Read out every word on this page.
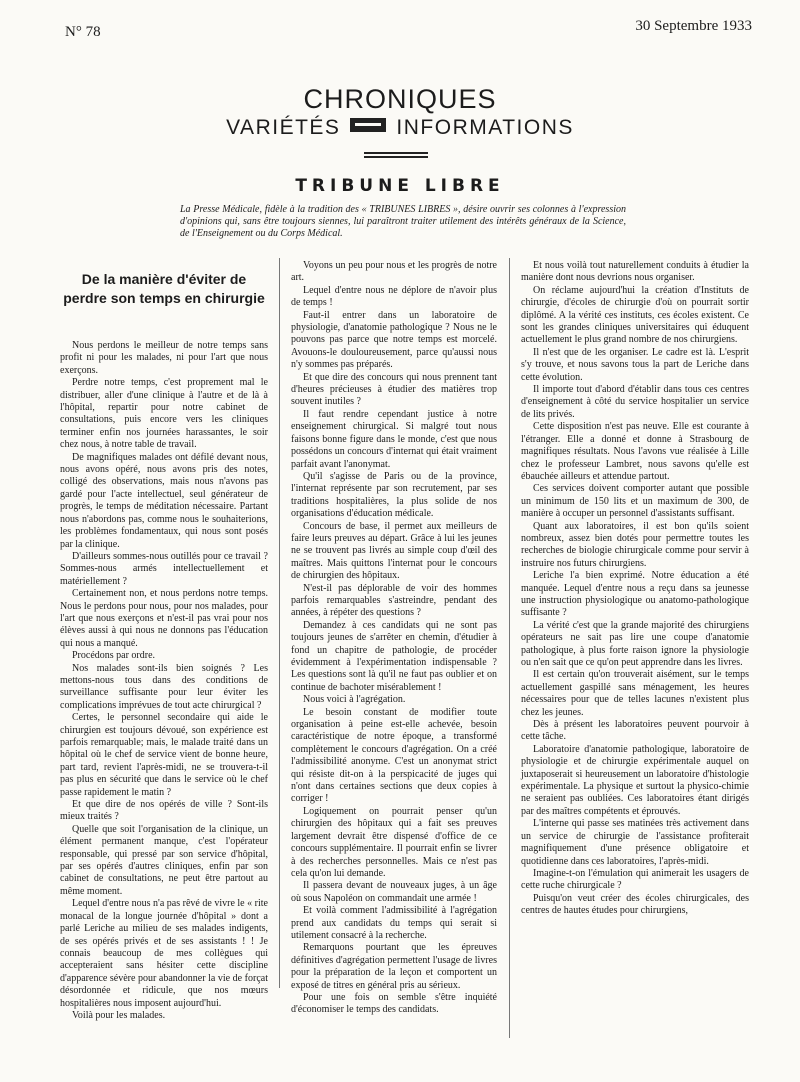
N° 78	30 Septembre 1933
CHRONIQUES
VARIÉTÉS	INFORMATIONS
TRIBUNE LIBRE
La Presse Médicale, fidèle à la tradition des « TRIBUNES LIBRES », désire ouvrir ses colonnes à l'expression d'opinions qui, sans être toujours siennes, lui paraîtront traiter utilement des intérêts généraux de la Science, de l'Enseignement ou du Corps Médical.
De la manière d'éviter de perdre son temps en chirurgie

Nous perdons le meilleur de notre temps sans profit ni pour les malades, ni pour l'art que nous exerçons.

Perdre notre temps, c'est proprement mal le distribuer, aller d'une clinique à l'autre et de là à l'hôpital, repartir pour notre cabinet de consultations, puis encore vers les cliniques terminer enfin nos journées harassantes, le soir chez nous, à notre table de travail.

De magnifiques malades ont défilé devant nous, nous avons opéré, nous avons pris des notes, colligé des observations, mais nous n'avons pas gardé pour l'acte intellectuel, seul générateur de progrès, le temps de méditation nécessaire. Partant nous n'abordons pas, comme nous le souhaiterions, les problèmes fondamentaux, qui nous sont posés par la clinique.

D'ailleurs sommes-nous outillés pour ce travail ? Sommes-nous armés intellectuellement et matériellement ?

Certainement non, et nous perdons notre temps. Nous le perdons pour nous, pour nos malades, pour l'art que nous exerçons et n'est-il pas vrai pour nos élèves aussi à qui nous ne donnons pas l'éducation qui nous a manqué.

Procédons par ordre.

Nos malades sont-ils bien soignés ? Les mettons-nous tous dans des conditions de surveillance suffisante pour leur éviter les complications imprévues de tout acte chirurgical ?

Certes, le personnel secondaire qui aide le chirurgien est toujours dévoué, son expérience est parfois remarquable; mais, le malade traité dans un hôpital où le chef de service vient de bonne heure, part tard, revient l'après-midi, ne se trouvera-t-il pas plus en sécurité que dans le service où le chef passe rapidement le matin ?

Et que dire de nos opérés de ville ? Sont-ils mieux traités ?

Quelle que soit l'organisation de la clinique, un élément permanent manque, c'est l'opérateur responsable, qui pressé par son service d'hôpital, par ses opérés d'autres cliniques, enfin par son cabinet de consultations, ne peut être partout au même moment.

Lequel d'entre nous n'a pas rêvé de vivre le « rite monacal de la longue journée d'hôpital » dont a parlé Leriche au milieu de ses malades indigents, de ses opérés privés et de ses assistants ! ! Je connais beaucoup de mes collègues qui accepteraient sans hésiter cette discipline d'apparence sévère pour abandonner la vie de forçat désordonnée et ridicule, que nos mœurs hospitalières nous imposent aujourd'hui.

Voilà pour les malades.

Voyons un peu pour nous et les progrès de notre art.

Lequel d'entre nous ne déplore de n'avoir plus de temps !

Faut-il entrer dans un laboratoire de physiologie, d'anatomie pathologique ? Nous ne le pouvons pas parce que notre temps est morcelé. Avouons-le douloureusement, parce qu'aussi nous n'y sommes pas préparés.

Et que dire des concours qui nous prennent tant d'heures précieuses à étudier des matières trop souvent inutiles ?

Il faut rendre cependant justice à notre enseignement chirurgical. Si malgré tout nous faisons bonne figure dans le monde, c'est que nous possédons un concours d'internat qui était vraiment parfait avant l'anonymat.

Qu'il s'agisse de Paris ou de la province, l'internat représente par son recrutement, par ses traditions hospitalières, la plus solide de nos organisations d'éducation médicale.

Concours de base, il permet aux meilleurs de faire leurs preuves au départ. Grâce à lui les jeunes ne se trouvent pas livrés au simple coup d'œil des maîtres. Mais quittons l'internat pour le concours de chirurgien des hôpitaux.

N'est-il pas déplorable de voir des hommes parfois remarquables s'astreindre, pendant des années, à répéter des questions ?

Demandez à ces candidats qui ne sont pas toujours jeunes de s'arrêter en chemin, d'étudier à fond un chapitre de pathologie, de procéder évidemment à l'expérimentation indispensable ? Les questions sont là qu'il ne faut pas oublier et on continue de bachoter misérablement !

Nous voici à l'agrégation.

Le besoin constant de modifier toute organisation à peine est-elle achevée, besoin caractéristique de notre époque, a transformé complètement le concours d'agrégation. On a créé l'admissibilité anonyme. C'est un anonymat strict qui résiste dit-on à la perspicacité de juges qui n'ont dans certaines sections que deux copies à corriger !

Logiquement on pourrait penser qu'un chirurgien des hôpitaux qui a fait ses preuves largement devrait être dispensé d'office de ce concours supplémentaire. Il pourrait enfin se livrer à des recherches personnelles. Mais ce n'est pas cela qu'on lui demande.

Il passera devant de nouveaux juges, à un âge où sous Napoléon on commandait une armée !

Et voilà comment l'admissibilité à l'agrégation prend aux candidats du temps qui serait si utilement consacré à la recherche.

Remarquons pourtant que les épreuves définitives d'agrégation permettent l'usage de livres pour la préparation de la leçon et comportent un exposé de titres en général pris au sérieux.

Pour une fois on semble s'être inquiété d'économiser le temps des candidats.

Et nous voilà tout naturellement conduits à étudier la manière dont nous devrions nous organiser.

On réclame aujourd'hui la création d'Instituts de chirurgie, d'écoles de chirurgie d'où on pourrait sortir diplômé. A la vérité ces instituts, ces écoles existent. Ce sont les grandes cliniques universitaires qui éduquent actuellement le plus grand nombre de nos chirurgiens.

Il n'est que de les organiser. Le cadre est là. L'esprit s'y trouve, et nous savons tous la part de Leriche dans cette évolution.

Il importe tout d'abord d'établir dans tous ces centres d'enseignement à côté du service hospitalier un service de lits privés.

Cette disposition n'est pas neuve. Elle est courante à l'étranger. Elle a donné et donne à Strasbourg de magnifiques résultats. Nous l'avons vue réalisée à Lille chez le professeur Lambret, nous savons qu'elle est ébauchée ailleurs et attendue partout.

Ces services doivent comporter autant que possible un minimum de 150 lits et un maximum de 300, de manière à occuper un personnel d'assistants suffisant.

Quant aux laboratoires, il est bon qu'ils soient nombreux, assez bien dotés pour permettre toutes les recherches de biologie chirurgicale comme pour servir à instruire nos futurs chirurgiens.

Leriche l'a bien exprimé. Notre éducation a été manquée. Lequel d'entre nous a reçu dans sa jeunesse une instruction physiologique ou anatomo-pathologique suffisante ?

La vérité c'est que la grande majorité des chirurgiens opérateurs ne sait pas lire une coupe d'anatomie pathologique, à plus forte raison ignore la physiologie ou n'en sait que ce qu'on peut apprendre dans les livres.

Il est certain qu'on trouverait aisément, sur le temps actuellement gaspillé sans ménagement, les heures nécessaires pour que de telles lacunes n'existent plus chez les jeunes.

Dès à présent les laboratoires peuvent pourvoir à cette tâche.

Laboratoire d'anatomie pathologique, laboratoire de physiologie et de chirurgie expérimentale auquel on juxtaposerait si heureusement un laboratoire d'histologie expérimentale. La physique et surtout la physico-chimie ne seraient pas oubliées. Ces laboratoires étant dirigés par des maîtres compétents et éprouvés.

L'interne qui passe ses matinées très activement dans un service de chirurgie de l'assistance profiterait magnifiquement d'une présence obligatoire et quotidienne dans ces laboratoires, l'après-midi.

Imagine-t-on l'émulation qui animerait les usagers de cette ruche chirurgicale ?

Puisqu'on veut créer des écoles chirurgicales, des centres de hautes études pour chirurgiens,
